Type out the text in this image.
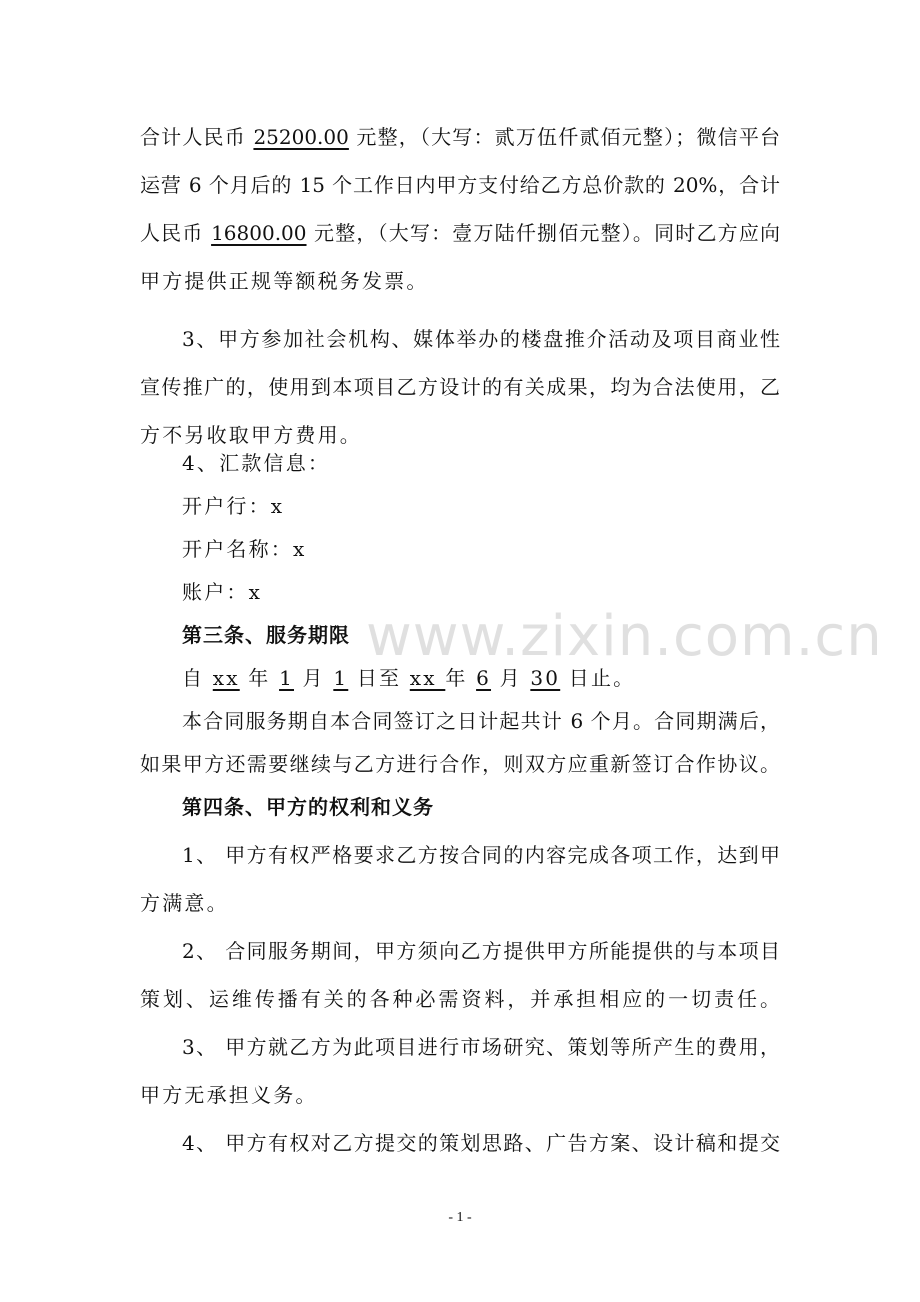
合计人民币 25200.00 元整，（大写：贰万伍仟贰佰元整）；微信平台
运营 6 个月后的 15 个工作日内甲方支付给乙方总价款的 20%，合计
人民币 16800.00 元整，（大写：壹万陆仟捌佰元整）。同时乙方应向
甲方提供正规等额税务发票。
3、甲方参加社会机构、媒体举办的楼盘推介活动及项目商业性
宣传推广的，使用到本项目乙方设计的有关成果，均为合法使用，乙
方不另收取甲方费用。
4、汇款信息：
开户行：x
开户名称：x
账户：x
第三条、服务期限
自 xx 年 1 月 1 日至 xx 年 6 月 30 日止。
本合同服务期自本合同签订之日计起共计 6 个月。合同期满后，
如果甲方还需要继续与乙方进行合作，则双方应重新签订合作协议。
第四条、甲方的权利和义务
1、 甲方有权严格要求乙方按合同的内容完成各项工作，达到甲
方满意。
2、 合同服务期间，甲方须向乙方提供甲方所能提供的与本项目
策划、运维传播有关的各种必需资料，并承担相应的一切责任。
3、 甲方就乙方为此项目进行市场研究、策划等所产生的费用，
甲方无承担义务。
4、 甲方有权对乙方提交的策划思路、广告方案、设计稿和提交
www.zixin.com.cn
- 1 -
